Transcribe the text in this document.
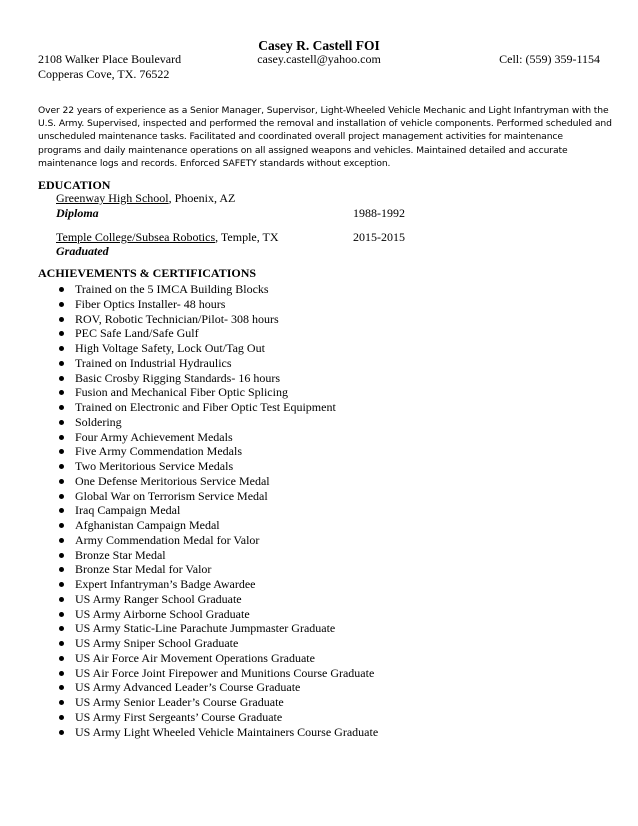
Casey R. Castell FOI
2108 Walker Place Boulevard
Copperas Cove, TX. 76522
casey.castell@yahoo.com	Cell: (559) 359-1154
Over 22 years of experience as a Senior Manager, Supervisor, Light-Wheeled Vehicle Mechanic and Light Infantryman with the
U.S. Army. Supervised, inspected and performed the removal and installation of vehicle components. Performed scheduled and
unscheduled maintenance tasks. Facilitated and coordinated overall project management activities for maintenance
programs and daily maintenance operations on all assigned weapons and vehicles. Maintained detailed and accurate
maintenance logs and records. Enforced SAFETY standards without exception.
EDUCATION
Greenway High School, Phoenix, AZ
Diploma	1988-1992
Temple College/Subsea Robotics, Temple, TX
Graduated
2015-2015
ACHIEVEMENTS & CERTIFICATIONS
Trained on the 5 IMCA Building Blocks
Fiber Optics Installer- 48 hours
ROV, Robotic Technician/Pilot- 308 hours
PEC Safe Land/Safe Gulf
High Voltage Safety, Lock Out/Tag Out
Trained on Industrial Hydraulics
Basic Crosby Rigging Standards- 16 hours
Fusion and Mechanical Fiber Optic Splicing
Trained on Electronic and Fiber Optic Test Equipment
Soldering
Four Army Achievement Medals
Five Army Commendation Medals
Two Meritorious Service Medals
One Defense Meritorious Service Medal
Global War on Terrorism Service Medal
Iraq Campaign Medal
Afghanistan Campaign Medal
Army Commendation Medal for Valor
Bronze Star Medal
Bronze Star Medal for Valor
Expert Infantryman’s Badge Awardee
US Army Ranger School Graduate
US Army Airborne School Graduate
US Army Static-Line Parachute Jumpmaster Graduate
US Army Sniper School Graduate
US Air Force Air Movement Operations Graduate
US Air Force Joint Firepower and Munitions Course Graduate
US Army Advanced Leader’s Course Graduate
US Army Senior Leader’s Course Graduate
US Army First Sergeants’ Course Graduate
US Army Light Wheeled Vehicle Maintainers Course Graduate
